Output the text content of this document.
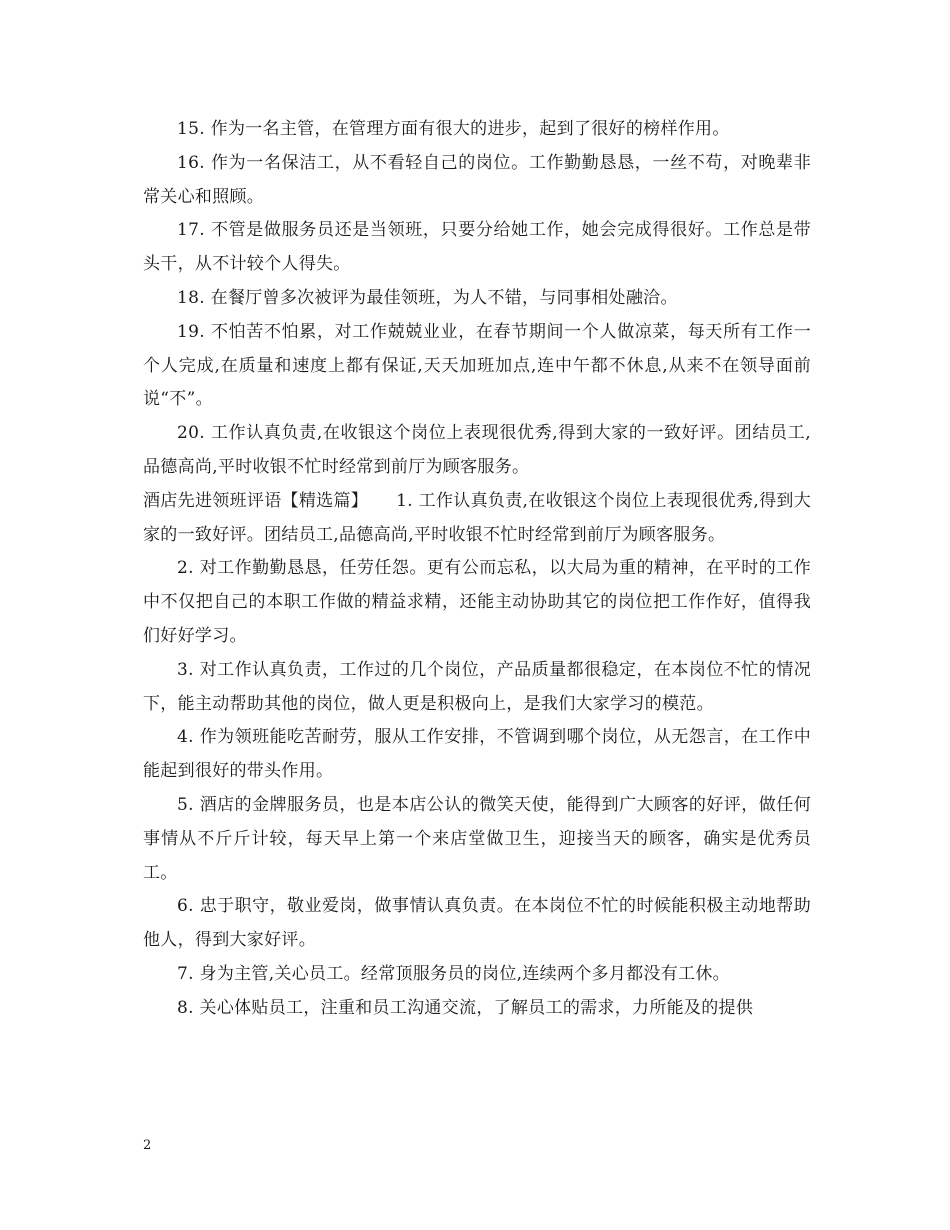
15. 作为一名主管，在管理方面有很大的进步，起到了很好的榜样作用。

16. 作为一名保洁工，从不看轻自己的岗位。工作勤勤恳恳，一丝不苟，对晚辈非常关心和照顾。

17. 不管是做服务员还是当领班，只要分给她工作，她会完成得很好。工作总是带头干，从不计较个人得失。

18. 在餐厅曾多次被评为最佳领班，为人不错，与同事相处融洽。

19. 不怕苦不怕累，对工作兢兢业业，在春节期间一个人做凉菜，每天所有工作一个人完成,在质量和速度上都有保证,天天加班加点,连中午都不休息,从来不在领导面前说“不”。

20. 工作认真负责,在收银这个岗位上表现很优秀,得到大家的一致好评。团结员工,品德高尚,平时收银不忙时经常到前厅为顾客服务。

酒店先进领班评语【精选篇】 1. 工作认真负责,在收银这个岗位上表现很优秀,得到大家的一致好评。团结员工,品德高尚,平时收银不忙时经常到前厅为顾客服务。

2. 对工作勤勤恳恳，任劳任怨。更有公而忘私，以大局为重的精神，在平时的工作中不仅把自己的本职工作做的精益求精，还能主动协助其它的岗位把工作作好，值得我们好好学习。

3. 对工作认真负责，工作过的几个岗位，产品质量都很稳定，在本岗位不忙的情况下，能主动帮助其他的岗位，做人更是积极向上，是我们大家学习的模范。

4. 作为领班能吃苦耐劳，服从工作安排，不管调到哪个岗位，从无怨言，在工作中能起到很好的带头作用。

5. 酒店的金牌服务员，也是本店公认的微笑天使，能得到广大顾客的好评，做任何事情从不斤斤计较，每天早上第一个来店堂做卫生，迎接当天的顾客，确实是优秀员工。

6. 忠于职守，敬业爱岗，做事情认真负责。在本岗位不忙的时候能积极主动地帮助他人，得到大家好评。

7. 身为主管,关心员工。经常顶服务员的岗位,连续两个多月都没有工休。

8. 关心体贴员工，注重和员工沟通交流，了解员工的需求，力所能及的提供

2
